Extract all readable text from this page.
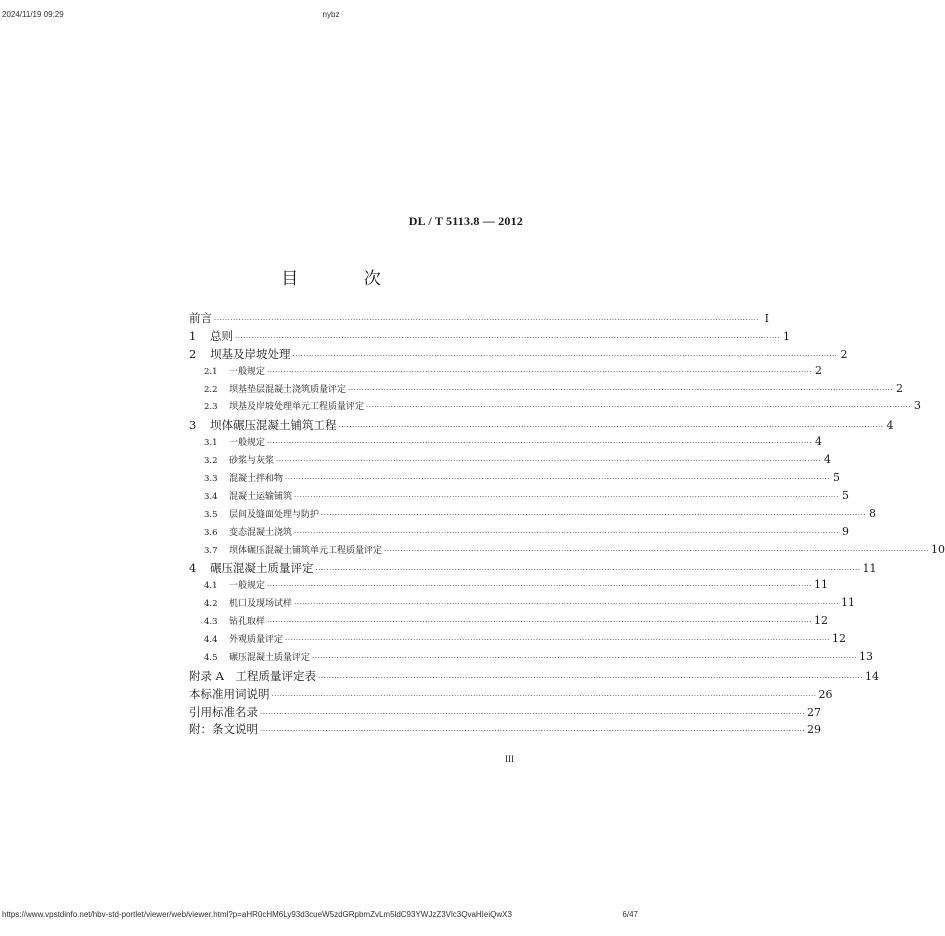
2024/11/19 09:29	nybz
DL / T 5113.8 — 2012
目 次
前言 ········································································································································································································ I
1 总则 ········································································································································································································ 1
2 坝基及岸坡处理 ········································································································································································································ 2
2.1 一般规定 ········································································································································································································ 2
2.2 坝基垫层混凝土浇筑质量评定 ········································································································································································································ 2
2.3 坝基及岸坡处理单元工程质量评定 ········································································································································································································ 3
3 坝体碾压混凝土铺筑工程 ········································································································································································································ 4
3.1 一般规定 ········································································································································································································ 4
3.2 砂浆与灰浆 ········································································································································································································ 4
3.3 混凝土拌和物 ········································································································································································································ 5
3.4 混凝土运输铺筑 ········································································································································································································ 5
3.5 层间及缝面处理与防护 ········································································································································································································ 8
3.6 变态混凝土浇筑 ········································································································································································································ 9
3.7 坝体碾压混凝土铺筑单元工程质量评定 ········································································································································································································ 10
4 碾压混凝土质量评定 ········································································································································································································ 11
4.1 一般规定 ········································································································································································································ 11
4.2 机口及现场试样 ········································································································································································································ 11
4.3 钻孔取样 ········································································································································································································ 12
4.4 外观质量评定 ········································································································································································································ 12
4.5 碾压混凝土质量评定 ········································································································································································································ 13
附录 A　工程质量评定表 ········································································································································································································ 14
本标准用词说明 ········································································································································································································ 26
引用标准名录 ········································································································································································································ 27
附：条文说明 ········································································································································································································ 29
III
https://www.vpstdinfo.net/hbv-std-portlet/viewer/web/viewer.html?p=aHR0cHM6Ly93d3cueW5zdGRpbmZvLm5ldC93YWJzZ3Vlc3QvaHIeiQwX3	6/47
